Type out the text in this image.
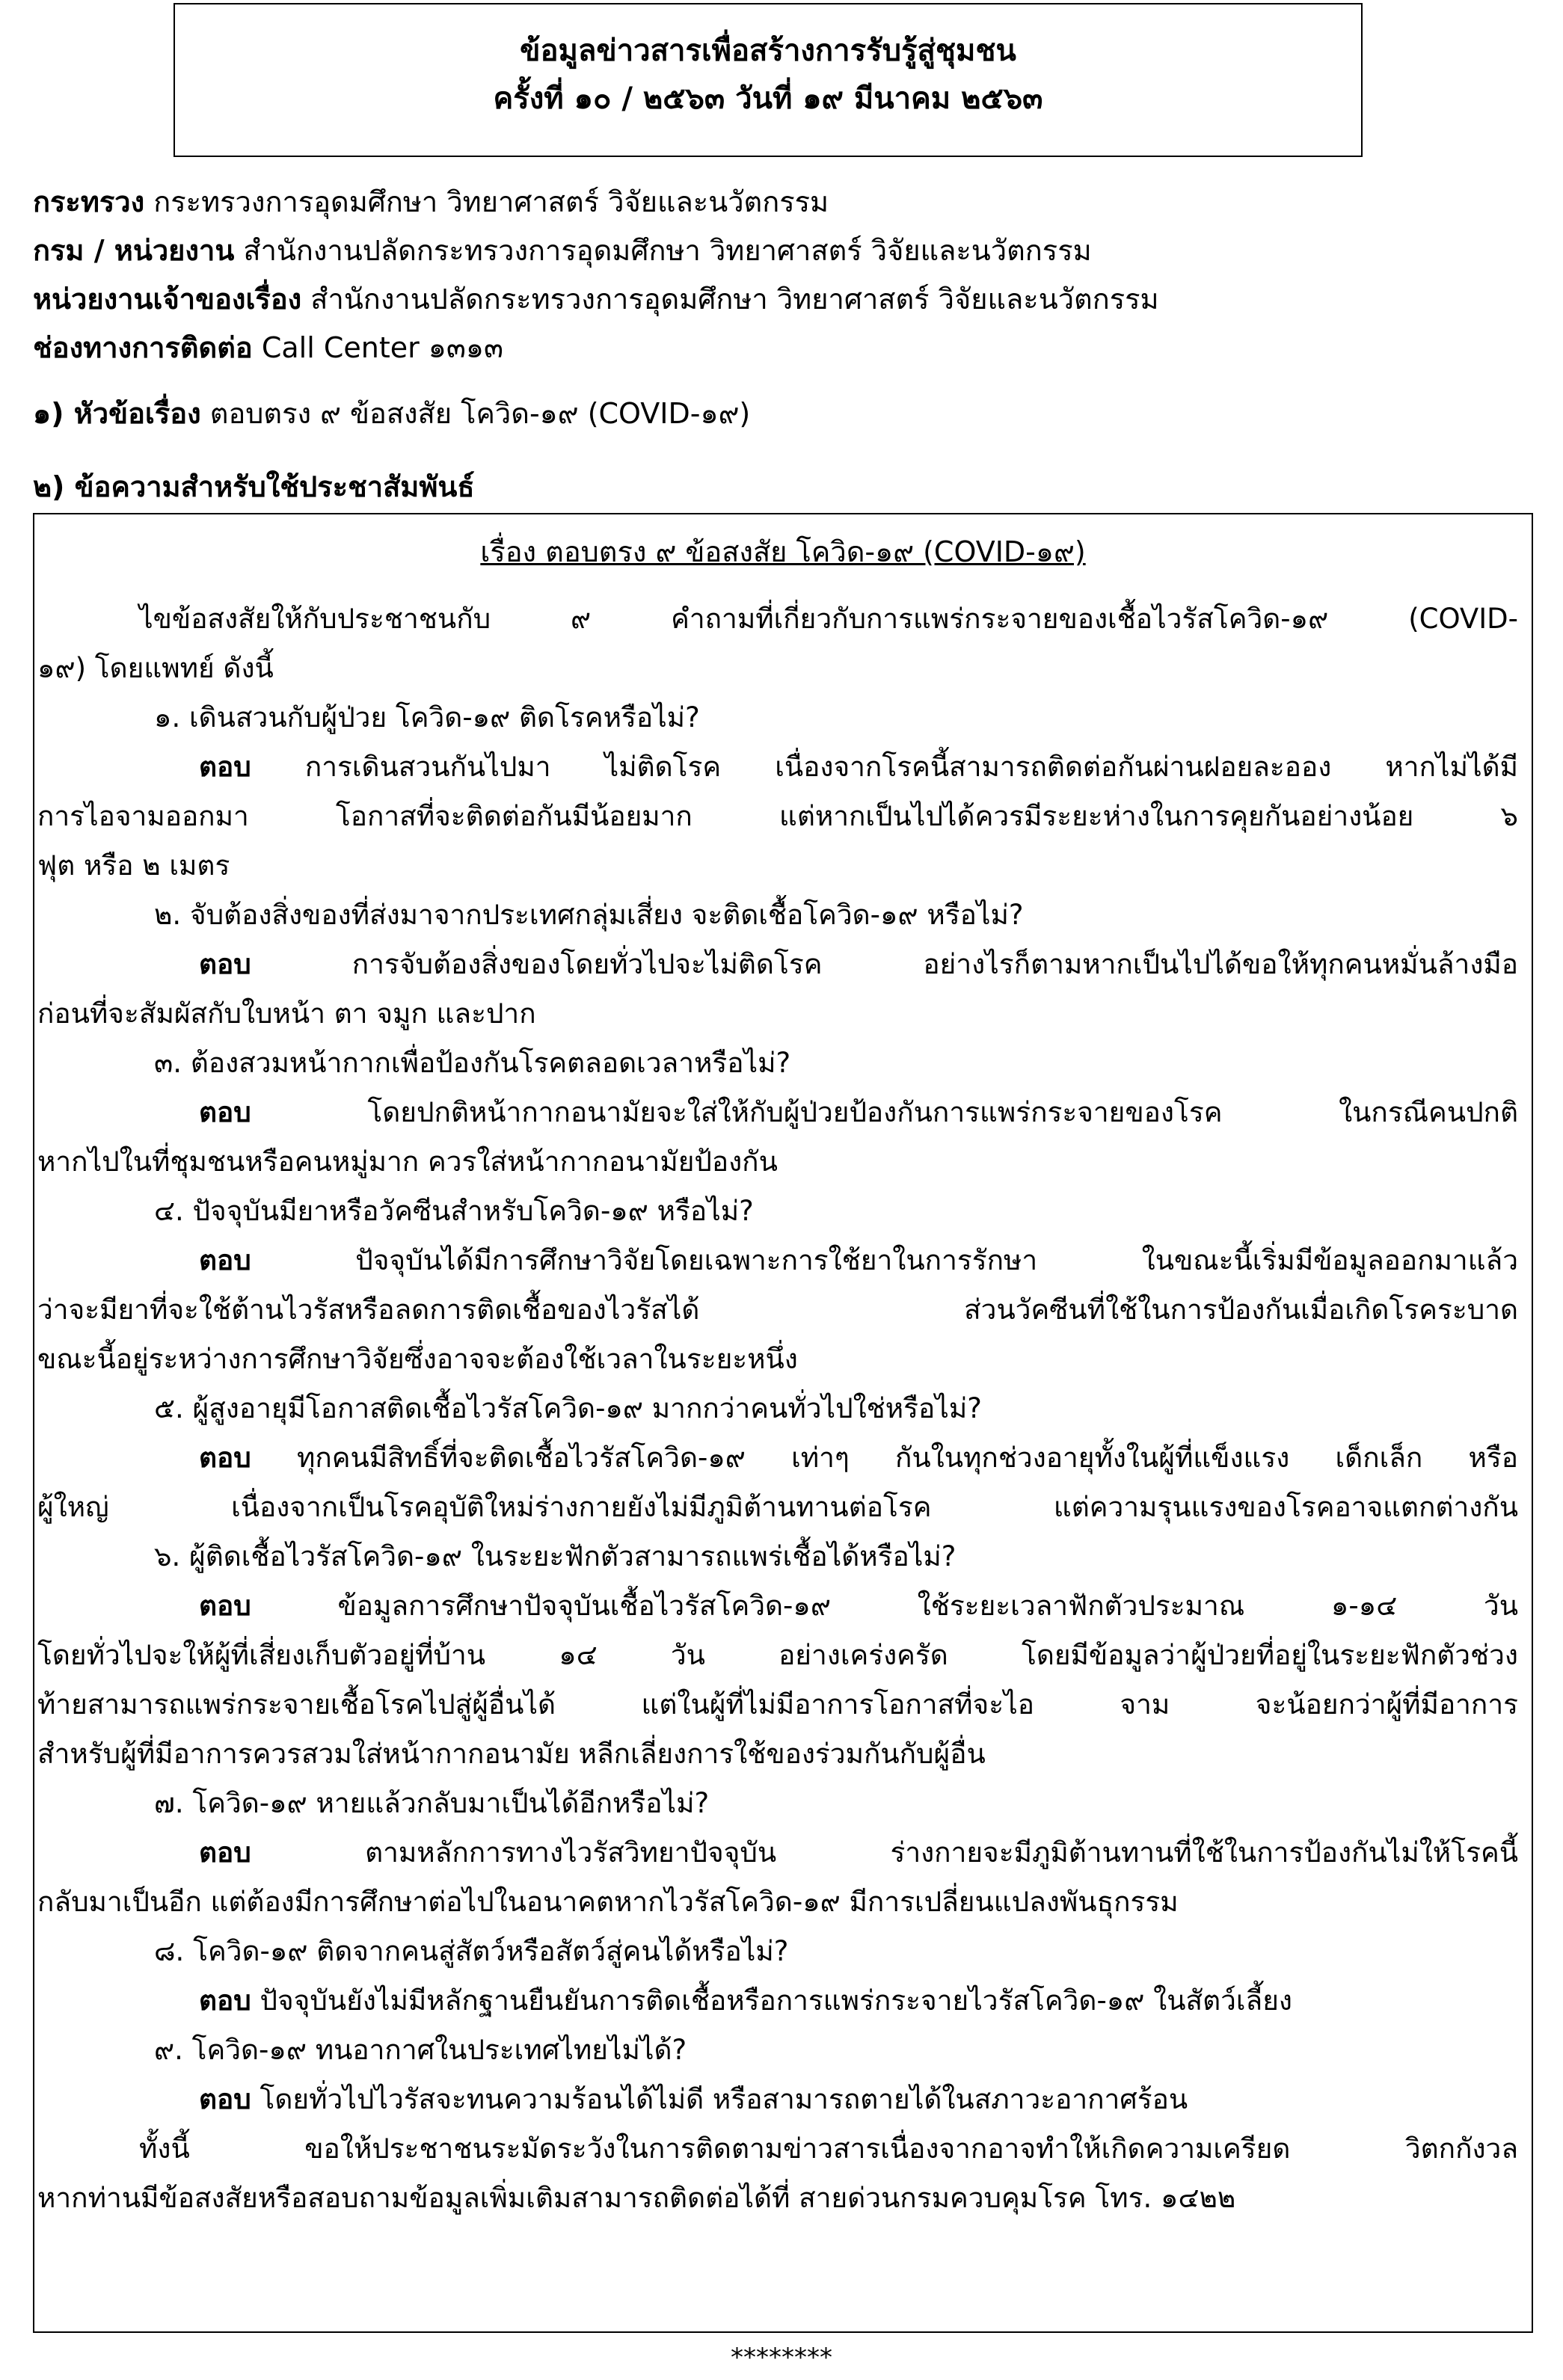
ข้อมูลข่าวสารเพื่อสร้างการรับรู้สู่ชุมชน
ครั้งที่ ๑๐ / ๒๕๖๓ วันที่ ๑๙ มีนาคม ๒๕๖๓
กระทรวง กระทรวงการอุดมศึกษา วิทยาศาสตร์ วิจัยและนวัตกรรม
กรม / หน่วยงาน สำนักงานปลัดกระทรวงการอุดมศึกษา วิทยาศาสตร์ วิจัยและนวัตกรรม
หน่วยงานเจ้าของเรื่อง สำนักงานปลัดกระทรวงการอุดมศึกษา วิทยาศาสตร์ วิจัยและนวัตกรรม
ช่องทางการติดต่อ Call Center ๑๓๑๓
๑) หัวข้อเรื่อง ตอบตรง ๙ ข้อสงสัย โควิด-๑๙ (COVID-๑๙)
๒) ข้อความสำหรับใช้ประชาสัมพันธ์
เรื่อง ตอบตรง ๙ ข้อสงสัย โควิด-๑๙ (COVID-๑๙)
ไขข้อสงสัยให้กับประชาชนกับ ๙ คำถามที่เกี่ยวกับการแพร่กระจายของเชื้อไวรัสโควิด-๑๙ (COVID-
๑๙) โดยแพทย์ ดังนี้
๑. เดินสวนกับผู้ป่วย โควิด-๑๙ ติดโรคหรือไม่?
ตอบ การเดินสวนกันไปมา ไม่ติดโรค เนื่องจากโรคนี้สามารถติดต่อกันผ่านฝอยละออง หากไม่ได้มี
การไอจามออกมา โอกาสที่จะติดต่อกันมีน้อยมาก แต่หากเป็นไปได้ควรมีระยะห่างในการคุยกันอย่างน้อย ๖
ฟุต หรือ ๒ เมตร
๒. จับต้องสิ่งของที่ส่งมาจากประเทศกลุ่มเสี่ยง จะติดเชื้อโควิด-๑๙ หรือไม่?
ตอบ การจับต้องสิ่งของโดยทั่วไปจะไม่ติดโรค อย่างไรก็ตามหากเป็นไปได้ขอให้ทุกคนหมั่นล้างมือ
ก่อนที่จะสัมผัสกับใบหน้า ตา จมูก และปาก
๓. ต้องสวมหน้ากากเพื่อป้องกันโรคตลอดเวลาหรือไม่?
ตอบ โดยปกติหน้ากากอนามัยจะใส่ให้กับผู้ป่วยป้องกันการแพร่กระจายของโรค ในกรณีคนปกติ
หากไปในที่ชุมชนหรือคนหมู่มาก ควรใส่หน้ากากอนามัยป้องกัน
๔. ปัจจุบันมียาหรือวัคซีนสำหรับโควิด-๑๙ หรือไม่?
ตอบ ปัจจุบันได้มีการศึกษาวิจัยโดยเฉพาะการใช้ยาในการรักษา ในขณะนี้เริ่มมีข้อมูลออกมาแล้ว
ว่าจะมียาที่จะใช้ต้านไวรัสหรือลดการติดเชื้อของไวรัสได้ ส่วนวัคซีนที่ใช้ในการป้องกันเมื่อเกิดโรคระบาด
ขณะนี้อยู่ระหว่างการศึกษาวิจัยซึ่งอาจจะต้องใช้เวลาในระยะหนึ่ง
๕. ผู้สูงอายุมีโอกาสติดเชื้อไวรัสโควิด-๑๙ มากกว่าคนทั่วไปใช่หรือไม่?
ตอบ ทุกคนมีสิทธิ์ที่จะติดเชื้อไวรัสโควิด-๑๙ เท่าๆ กันในทุกช่วงอายุทั้งในผู้ที่แข็งแรง เด็กเล็ก หรือ
ผู้ใหญ่ เนื่องจากเป็นโรคอุบัติใหม่ร่างกายยังไม่มีภูมิต้านทานต่อโรค แต่ความรุนแรงของโรคอาจแตกต่างกัน
๖. ผู้ติดเชื้อไวรัสโควิด-๑๙ ในระยะฟักตัวสามารถแพร่เชื้อได้หรือไม่?
ตอบ ข้อมูลการศึกษาปัจจุบันเชื้อไวรัสโควิด-๑๙ ใช้ระยะเวลาฟักตัวประมาณ ๑-๑๔ วัน
โดยทั่วไปจะให้ผู้ที่เสี่ยงเก็บตัวอยู่ที่บ้าน ๑๔ วัน อย่างเคร่งครัด โดยมีข้อมูลว่าผู้ป่วยที่อยู่ในระยะฟักตัวช่วง
ท้ายสามารถแพร่กระจายเชื้อโรคไปสู่ผู้อื่นได้ แต่ในผู้ที่ไม่มีอาการโอกาสที่จะไอ จาม จะน้อยกว่าผู้ที่มีอาการ
สำหรับผู้ที่มีอาการควรสวมใส่หน้ากากอนามัย หลีกเลี่ยงการใช้ของร่วมกันกับผู้อื่น
๗. โควิด-๑๙ หายแล้วกลับมาเป็นได้อีกหรือไม่?
ตอบ ตามหลักการทางไวรัสวิทยาปัจจุบัน ร่างกายจะมีภูมิต้านทานที่ใช้ในการป้องกันไม่ให้โรคนี้
กลับมาเป็นอีก แต่ต้องมีการศึกษาต่อไปในอนาคตหากไวรัสโควิด-๑๙ มีการเปลี่ยนแปลงพันธุกรรม
๘. โควิด-๑๙ ติดจากคนสู่สัตว์หรือสัตว์สู่คนได้หรือไม่?
ตอบ ปัจจุบันยังไม่มีหลักฐานยืนยันการติดเชื้อหรือการแพร่กระจายไวรัสโควิด-๑๙ ในสัตว์เลี้ยง
๙. โควิด-๑๙ ทนอากาศในประเทศไทยไม่ได้?
ตอบ โดยทั่วไปไวรัสจะทนความร้อนได้ไม่ดี หรือสามารถตายได้ในสภาวะอากาศร้อน
ทั้งนี้ ขอให้ประชาชนระมัดระวังในการติดตามข่าวสารเนื่องจากอาจทำให้เกิดความเครียด วิตกกังวล
หากท่านมีข้อสงสัยหรือสอบถามข้อมูลเพิ่มเติมสามารถติดต่อได้ที่ สายด่วนกรมควบคุมโรค โทร. ๑๔๒๒
********
